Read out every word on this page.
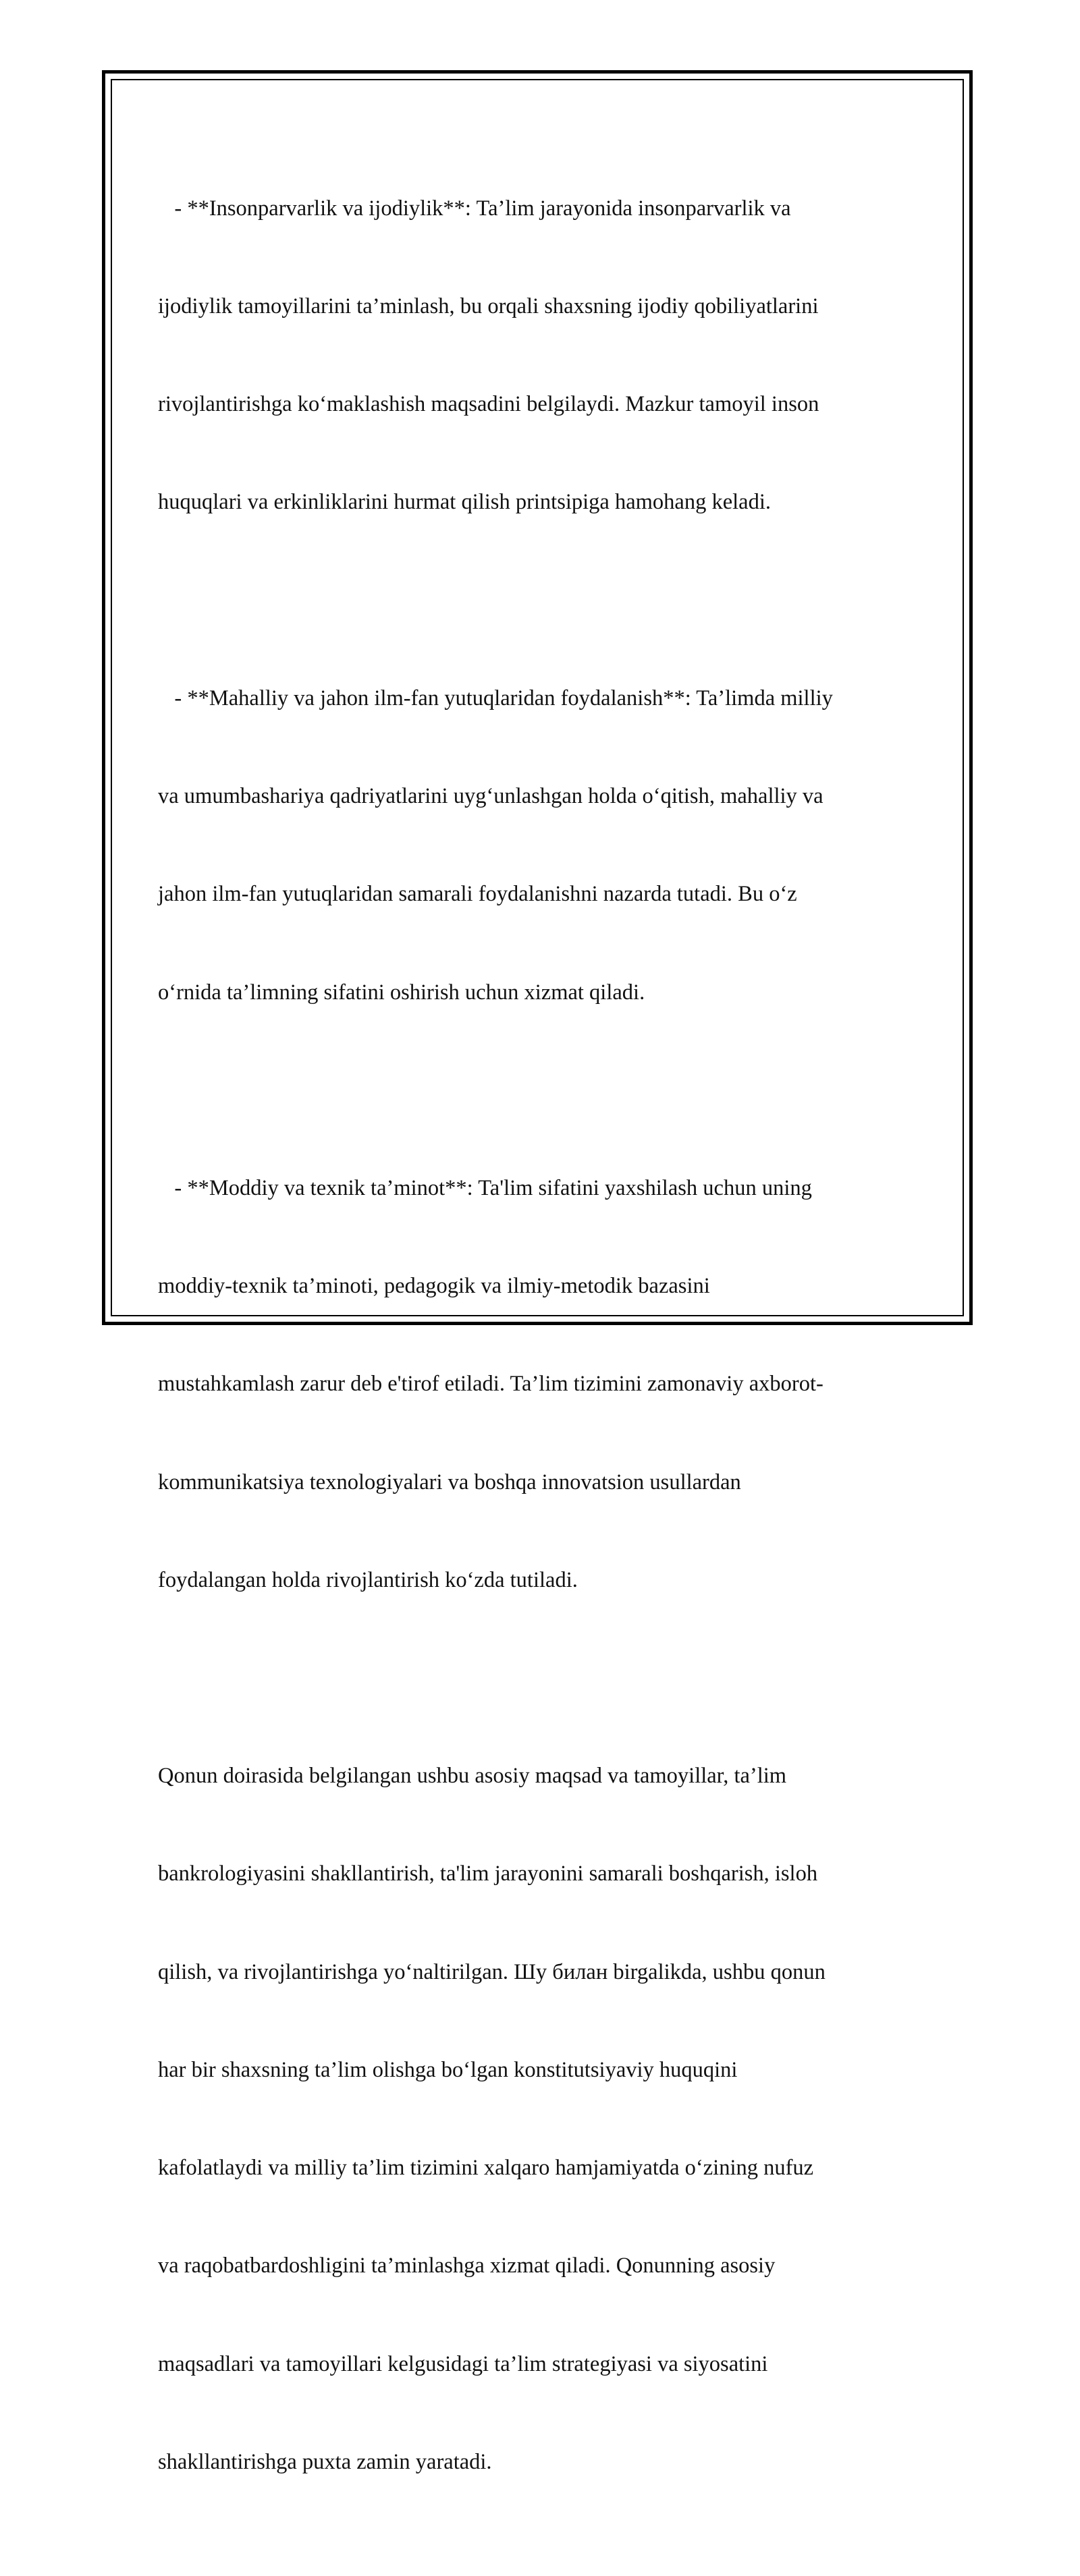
- **Insonparvarlik va ijodiylik**: Ta’lim jarayonida insonparvarlik va

ijodiylik tamoyillarini ta’minlash, bu orqali shaxsning ijodiy qobiliyatlarini

rivojlantirishga ko‘maklashish maqsadini belgilaydi. Mazkur tamoyil inson

huquqlari va erkinliklarini hurmat qilish printsipiga hamohang keladi.

- **Mahalliy va jahon ilm-fan yutuqlaridan foydalanish**: Ta’limda milliy

va umumbashariya qadriyatlarini uyg‘unlashgan holda o‘qitish, mahalliy va

jahon ilm-fan yutuqlaridan samarali foydalanishni nazarda tutadi. Bu o‘z

o‘rnida ta’limning sifatini oshirish uchun xizmat qiladi.

- **Moddiy va texnik ta’minot**: Ta'lim sifatini yaxshilash uchun uning

moddiy-texnik ta’minoti, pedagogik va ilmiy-metodik bazasini

mustahkamlash zarur deb e'tirof etiladi. Ta’lim tizimini zamonaviy axborot-

kommunikatsiya texnologiyalari va boshqa innovatsion usullardan

foydalangan holda rivojlantirish ko‘zda tutiladi.

Qonun doirasida belgilangan ushbu asosiy maqsad va tamoyillar, ta’lim

bankrologiyasini shakllantirish, ta'lim jarayonini samarali boshqarish, isloh

qilish, va rivojlantirishga yo‘naltirilgan. Шу билан birgalikda, ushbu qonun

har bir shaxsning ta’lim olishga bo‘lgan konstitutsiyaviy huquqini

kafolatlaydi va milliy ta’lim tizimini xalqaro hamjamiyatda o‘zining nufuz

va raqobatbardoshligini ta’minlashga xizmat qiladi. Qonunning asosiy

maqsadlari va tamoyillari kelgusidagi ta’lim strategiyasi va siyosatini

shakllantirishga puxta zamin yaratadi.
